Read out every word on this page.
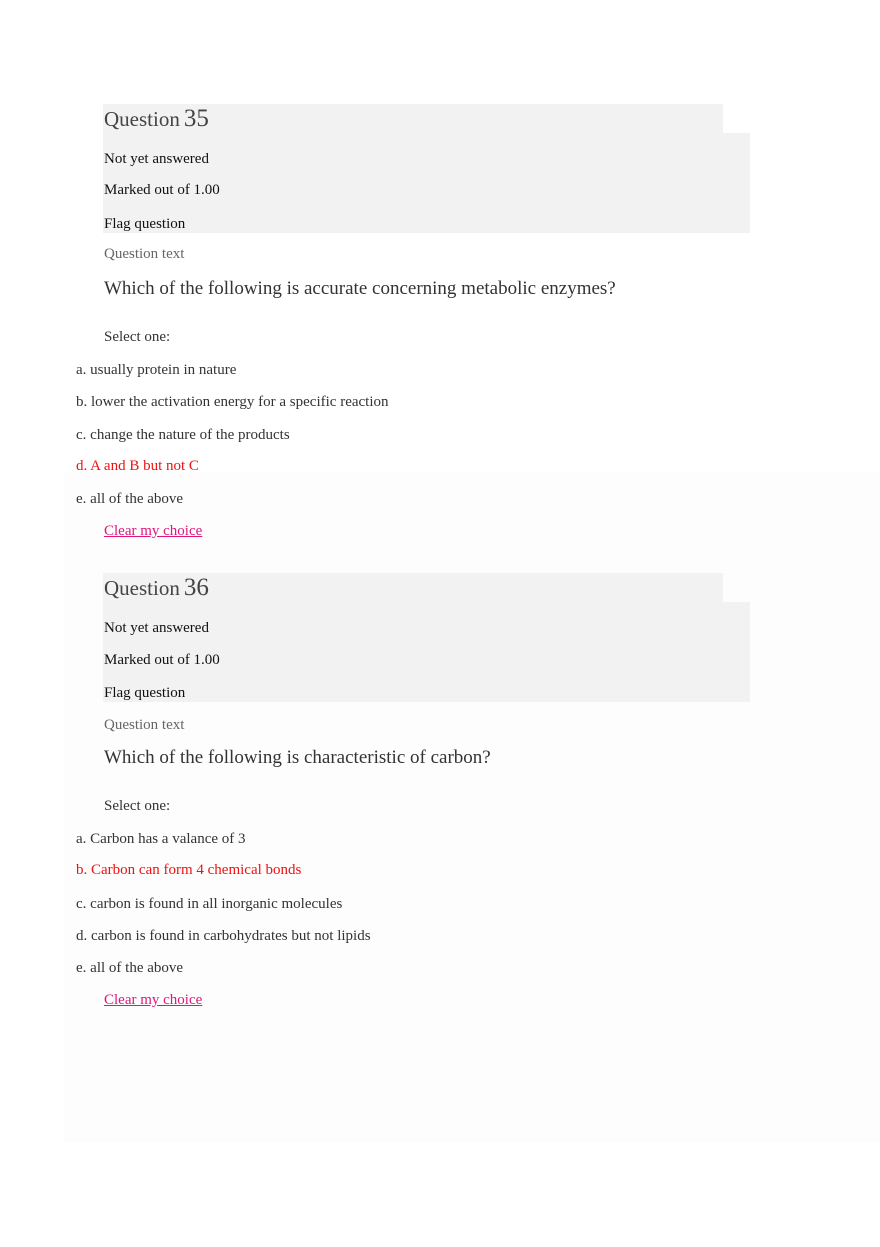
Question 35
Not yet answered
Marked out of 1.00
Flag question
Question text
Which of the following is accurate concerning metabolic enzymes?
Select one:
a. usually protein in nature
b. lower the activation energy for a specific reaction
c. change the nature of the products
d. A and B but not C
e. all of the above
Clear my choice
Question 36
Not yet answered
Marked out of 1.00
Flag question
Question text
Which of the following is characteristic of carbon?
Select one:
a. Carbon has a valance of 3
b. Carbon can form 4 chemical bonds
c. carbon is found in all inorganic molecules
d. carbon is found in carbohydrates but not lipids
e. all of the above
Clear my choice
